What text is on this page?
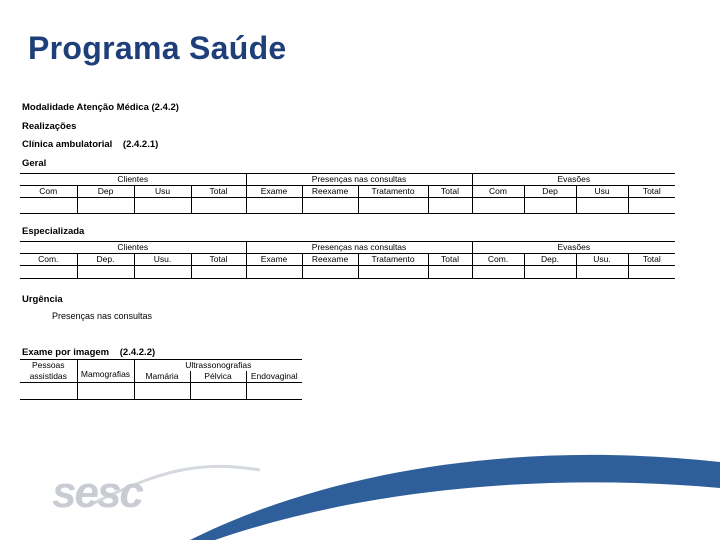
Programa Saúde
Modalidade Atenção Médica (2.4.2)
Realizações
Clínica ambulatorial (2.4.2.1)
Geral
Clientes				Presenças nas consultas				Evasões			
Com	Dep	Usu	Total	Exame	Reexame	Tratamento	Total	Com	Dep	Usu	Total

Especializada
Clientes				Presenças nas consultas				Evasões			
Com.	Dep.	Usu.	Total	Exame	Reexame	Tratamento	Total	Com.	Dep.	Usu.	Total

Urgência
Presenças nas consultas
Exame por imagem (2.4.2.2)
Pessoas
assistidas	Mamografias	Ultrassonografias		
		Mamária	Pélvica	Endovaginal

sesc
